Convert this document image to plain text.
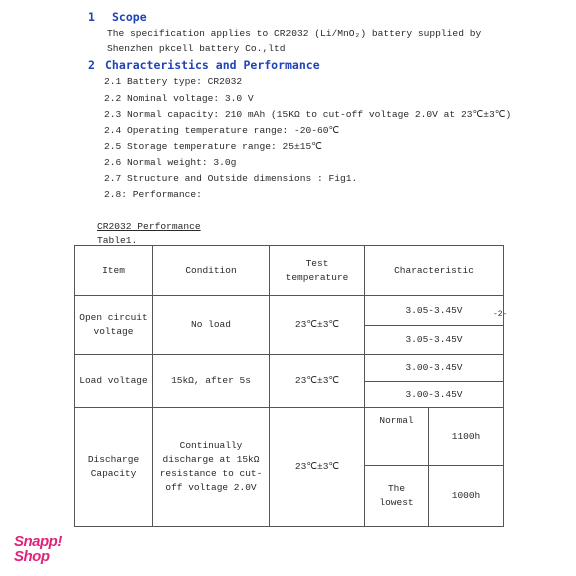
1 Scope
The specification applies to CR2032 (Li/MnO₂) battery supplied by
Shenzhen pkcell battery Co.,ltd
2 Characteristics and Performance
2.1 Battery type: CR2032
2.2 Nominal voltage: 3.0 V
2.3 Normal capacity: 210 mAh (15KΩ to cut-off voltage 2.0V at 23℃±3℃)
2.4 Operating temperature range: -20-60℃
2.5 Storage temperature range: 25±15℃
2.6 Normal weight: 3.0g
2.7 Structure and Outside dimensions : Fig1.
2.8: Performance:
CR2032 Performance
Table1.
Item	Condition	Test temperature	Characteristic	
Open circuit voltage	No load	23℃±3℃	3.05-3.45V	
			3.05-3.45V	
Load voltage	15kΩ, after 5s	23℃±3℃	3.00-3.45V	
			3.00-3.45V	
Discharge Capacity	Continually discharge at 15kΩ resistance to cut-off voltage 2.0V	23℃±3℃	Normal	1100h
			The lowest	1000h
-2-
Snapp!
Shop
